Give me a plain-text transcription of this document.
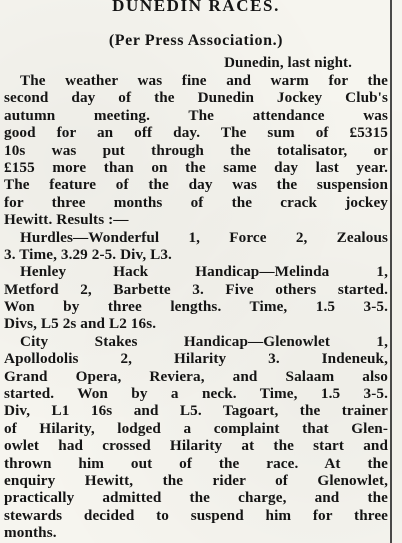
DUNEDIN RACES.
(Per Press Association.)
Dunedin, last night.
The weather was fine and warm for the
second day of the Dunedin Jockey Club's
autumn meeting. The attendance was
good for an off day. The sum of £5315
10s was put through the totalisator, or
£155 more than on the same day last year.
The feature of the day was the suspension
for three months of the crack jockey
Hewitt. Results :—
Hurdles—Wonderful 1, Force 2, Zealous
3. Time, 3.29 2-5. Div, L3.
Henley Hack Handicap—Melinda 1,
Metford 2, Barbette 3. Five others started.
Won by three lengths. Time, 1.5 3-5.
Divs, L5 2s and L2 16s.
City Stakes Handicap—Glenowlet 1,
Apollodolis 2, Hilarity 3. Indeneuk,
Grand Opera, Reviera, and Salaam also
started. Won by a neck. Time, 1.5 3-5.
Div, L1 16s and L5. Tagoart, the trainer
of Hilarity, lodged a complaint that Glen-
owlet had crossed Hilarity at the start and
thrown him out of the race. At the
enquiry Hewitt, the rider of Glenowlet,
practically admitted the charge, and the
stewards decided to suspend him for three
months.
